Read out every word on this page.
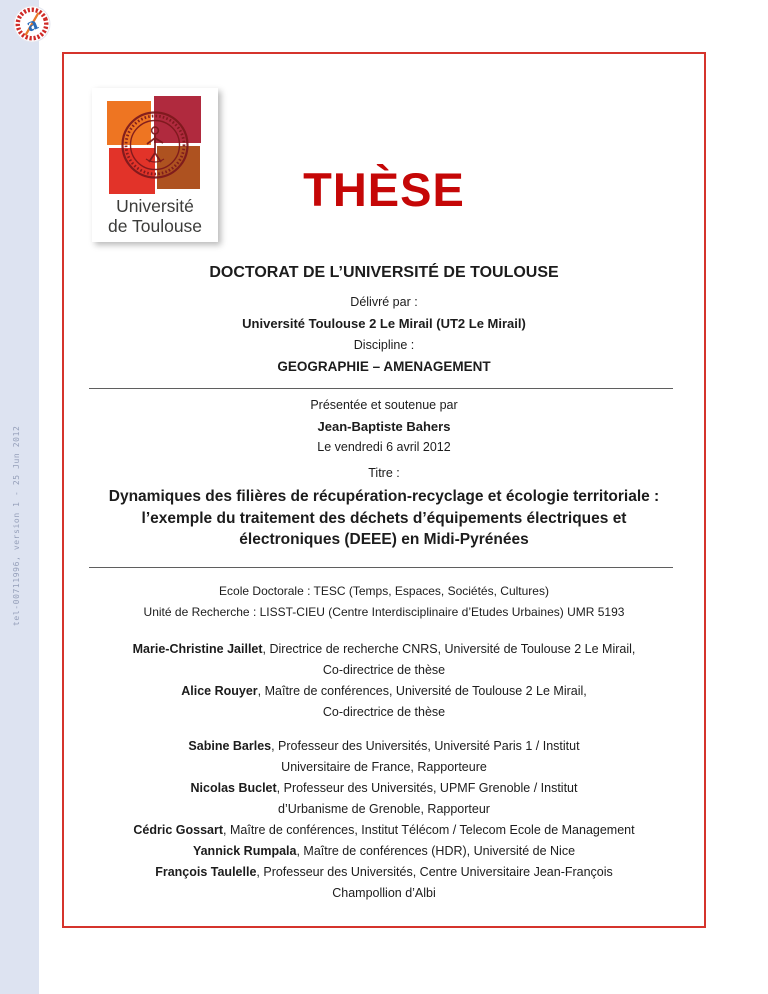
tel-00711996, version 1 - 25 Jun 2012
a
Université
de Toulouse
THÈSE
DOCTORAT DE L’UNIVERSITÉ DE TOULOUSE
Délivré par :
Université Toulouse 2 Le Mirail (UT2 Le Mirail)
Discipline :
GEOGRAPHIE – AMENAGEMENT
Présentée et soutenue par
Jean-Baptiste Bahers
Le vendredi 6 avril 2012
Titre :
Dynamiques des filières de récupération-recyclage et écologie territoriale :
l’exemple du traitement des déchets d’équipements électriques et
électroniques (DEEE) en Midi-Pyrénées
Ecole Doctorale : TESC (Temps, Espaces, Sociétés, Cultures)
Unité de Recherche : LISST-CIEU (Centre Interdisciplinaire d’Etudes Urbaines) UMR 5193
Marie-Christine Jaillet, Directrice de recherche CNRS, Université de Toulouse 2 Le Mirail,
Co-directrice de thèse
Alice Rouyer, Maître de conférences, Université de Toulouse 2 Le Mirail,
Co-directrice de thèse
Sabine Barles, Professeur des Universités, Université Paris 1 / Institut
Universitaire de France, Rapporteure
Nicolas Buclet, Professeur des Universités, UPMF Grenoble / Institut
d’Urbanisme de Grenoble, Rapporteur
Cédric Gossart, Maître de conférences, Institut Télécom / Telecom Ecole de Management
Yannick Rumpala, Maître de conférences (HDR), Université de Nice
François Taulelle, Professeur des Universités, Centre Universitaire Jean-François
Champollion d’Albi
